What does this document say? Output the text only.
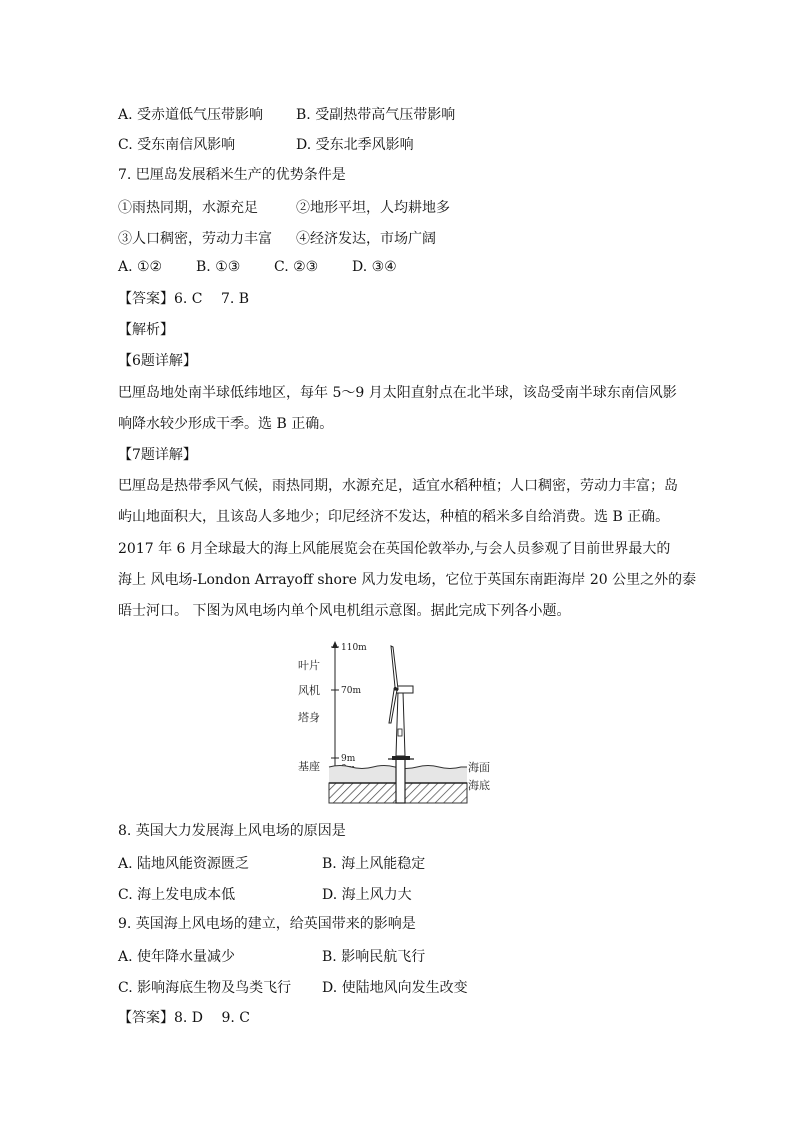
A. 受赤道低气压带影响 B. 受副热带高气压带影响
C. 受东南信风影响	D. 受东北季风影响
7. 巴厘岛发展稻米生产的优势条件是
①雨热同期，水源充足	②地形平坦，人均耕地多
③人口稠密，劳动力丰富 ④经济发达，市场广阔
A. ①② B. ①③ C. ②③ D. ③④
【答案】6. C　 7. B
【解析】
【6题详解】
巴厘岛地处南半球低纬地区，每年 5～9 月太阳直射点在北半球，该岛受南半球东南信风影
响降水较少形成干季。选 B 正确。
【7题详解】
巴厘岛是热带季风气候，雨热同期，水源充足，适宜水稻种植；人口稠密，劳动力丰富；岛
屿山地面积大，且该岛人多地少；印尼经济不发达，种植的稻米多自给消费。选 B 正确。
2017 年 6 月全球最大的海上风能展览会在英国伦敦举办,与会人员参观了目前世界最大的
海上 风电场-London Arrayoff shore 风力发电场，它位于英国东南距海岸 20 公里之外的泰
晤士河口。 下图为风电场内单个风电机组示意图。据此完成下列各小题。
110m
70m
9m
叶片
风机
塔身
基座	海面
海底
8. 英国大力发展海上风电场的原因是
A. 陆地风能资源匮乏	B. 海上风能稳定
C. 海上发电成本低	D. 海上风力大
9. 英国海上风电场的建立，给英国带来的影响是
A. 使年降水量减少	B. 影响民航飞行
C. 影响海底生物及鸟类飞行 D. 使陆地风向发生改变
【答案】8. D　 9. C
